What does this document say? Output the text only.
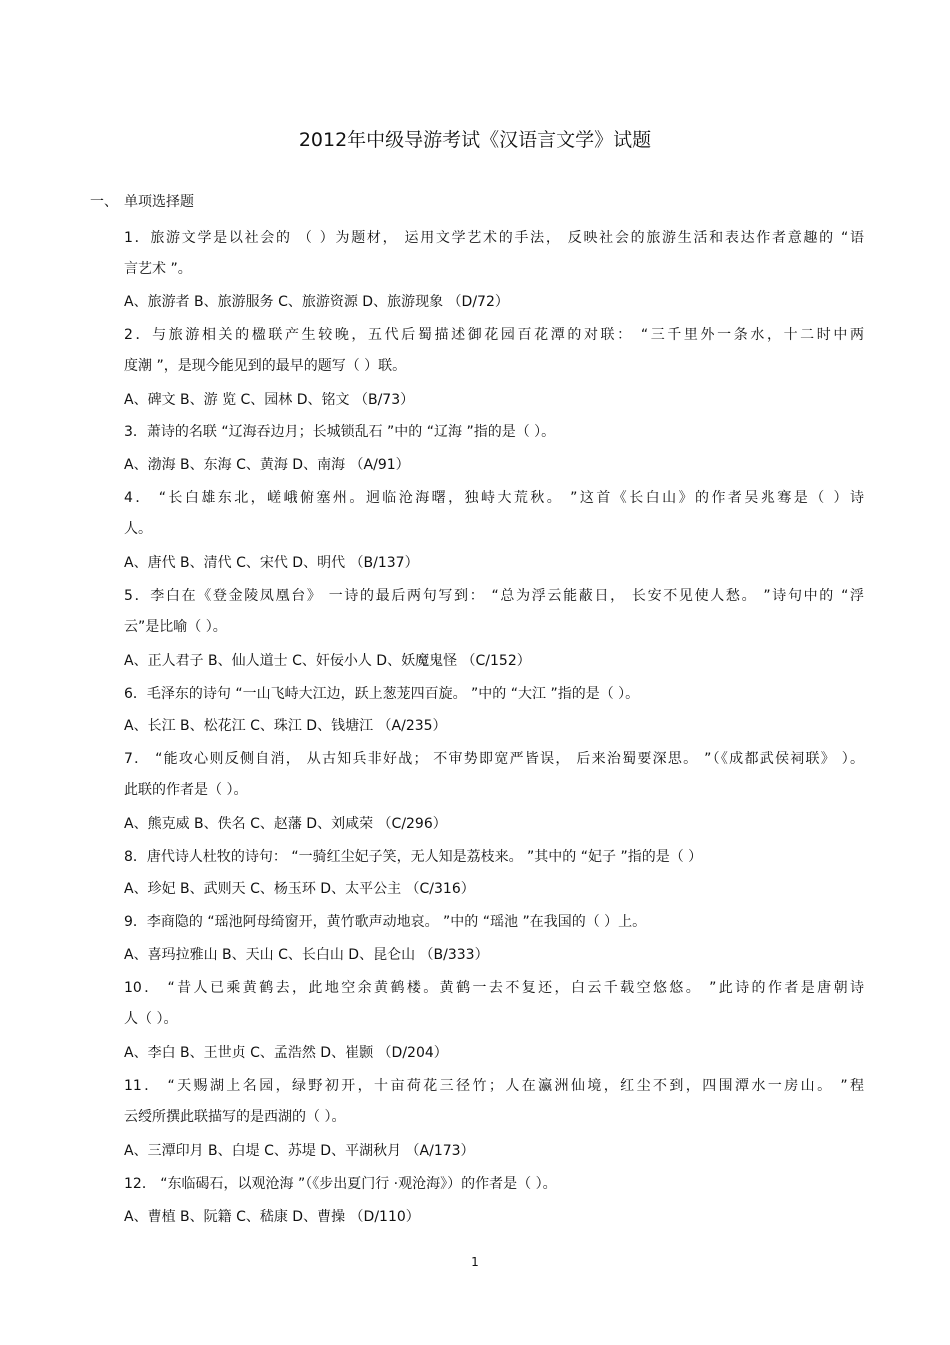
2012年中级导游考试《汉语言文学》试题
一、 单项选择题
1．旅游文学是以社会的 （ ）为题材， 运用文学艺术的手法， 反映社会的旅游生活和表达作者意趣的 “语
言艺术 ”。
A、旅游者 B、旅游服务 C、旅游资源 D、旅游现象 （D/72）
2．与旅游相关的楹联产生较晚，五代后蜀描述御花园百花潭的对联： “三千里外一条水，十二时中两
度潮 ”，是现今能见到的最早的题写（ ）联。
A、碑文 B、游 览 C、园林 D、铭文 （B/73）
3．萧诗的名联 “辽海吞边月；长城锁乱石 ”中的 “辽海 ”指的是（ ）。
A、渤海 B、东海 C、黄海 D、南海 （A/91）
4． “长白雄东北，嵯峨俯塞州。迥临沧海曙，独峙大荒秋。 ”这首《长白山》的作者吴兆骞是（ ）诗
人。
A、唐代 B、清代 C、宋代 D、明代 （B/137）
5．李白在《登金陵凤凰台》 一诗的最后两句写到： “总为浮云能蔽日， 长安不见使人愁。 ”诗句中的 “浮
云”是比喻（ ）。
A、正人君子 B、仙人道士 C、奸佞小人 D、妖魔鬼怪 （C/152）
6．毛泽东的诗句 “一山飞峙大江边，跃上葱茏四百旋。 ”中的 “大江 ”指的是（ ）。
A、长江 B、松花江 C、珠江 D、钱塘江 （A/235）
7． “能攻心则反侧自消， 从古知兵非好战； 不审势即宽严皆误， 后来治蜀要深思。 ”（《成都武侯祠联》 ）。
此联的作者是（ ）。
A、熊克威 B、佚名 C、赵藩 D、刘咸荣 （C/296）
8．唐代诗人杜牧的诗句： “一骑红尘妃子笑，无人知是荔枝来。 ”其中的 “妃子 ”指的是（ ）
A、珍妃 B、武则天 C、杨玉环 D、太平公主 （C/316）
9．李商隐的 “瑶池阿母绮窗开，黄竹歌声动地哀。 ”中的 “瑶池 ”在我国的（ ）上。
A、喜玛拉雅山 B、天山 C、长白山 D、昆仑山 （B/333）
10． “昔人已乘黄鹤去，此地空余黄鹤楼。黄鹤一去不复还，白云千载空悠悠。 ”此诗的作者是唐朝诗
人（ ）。
A、李白 B、王世贞 C、孟浩然 D、崔颢 （D/204）
11． “天赐湖上名园，绿野初开，十亩荷花三径竹；人在瀛洲仙境，红尘不到，四围潭水一房山。 ”程
云绶所撰此联描写的是西湖的（ ）。
A、三潭印月 B、白堤 C、苏堤 D、平湖秋月 （A/173）
12． “东临碣石，以观沧海 ”（《步出夏门行 ·观沧海》）的作者是（ ）。
A、曹植 B、阮籍 C、嵇康 D、曹操 （D/110）
1
